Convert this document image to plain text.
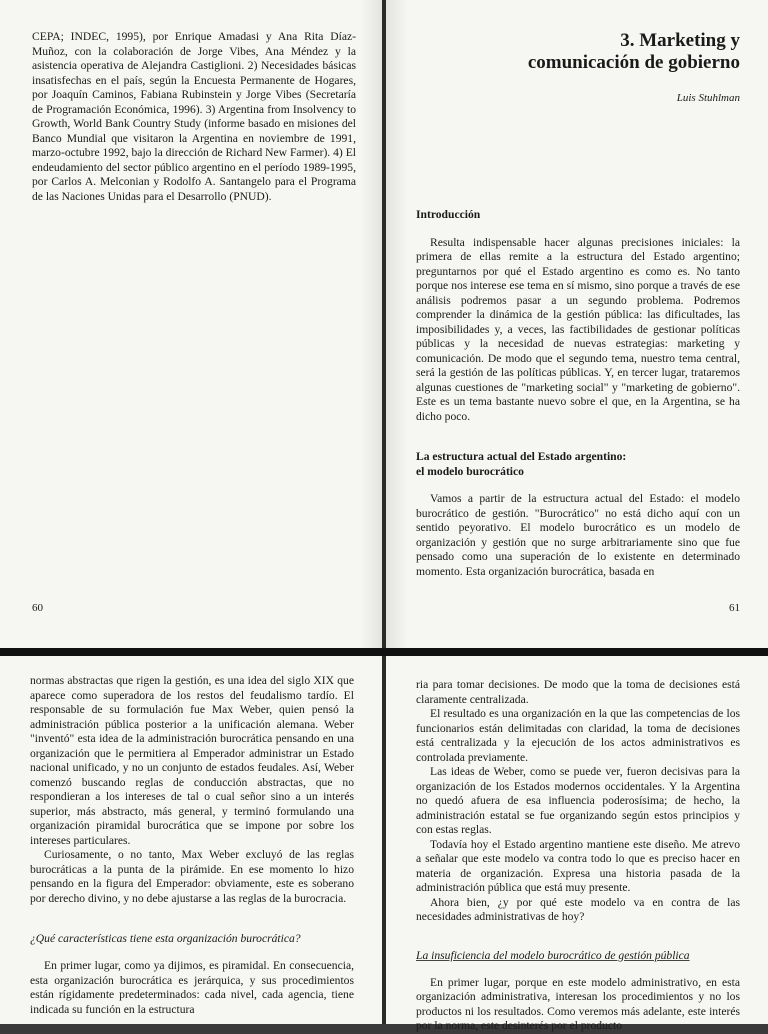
CEPA; INDEC, 1995), por Enrique Amadasi y Ana Rita Díaz-Muñoz, con la colaboración de Jorge Vibes, Ana Méndez y la asistencia operativa de Alejandra Castiglioni. 2) Necesidades básicas insatisfechas en el país, según la Encuesta Permanente de Hogares, por Joaquín Caminos, Fabiana Rubinstein y Jorge Vibes (Secretaría de Programación Económica, 1996). 3) Argentina from Insolvency to Growth, World Bank Country Study (informe basado en misiones del Banco Mundial que visitaron la Argentina en noviembre de 1991, marzo-octubre 1992, bajo la dirección de Richard New Farmer). 4) El endeudamiento del sector público argentino en el período 1989-1995, por Carlos A. Melconian y Rodolfo A. Santangelo para el Programa de las Naciones Unidas para el Desarrollo (PNUD).

60
3. Marketing y comunicación de gobierno

Luis Stuhlman

Introducción

Resulta indispensable hacer algunas precisiones iniciales: la primera de ellas remite a la estructura del Estado argentino; preguntarnos por qué el Estado argentino es como es. No tanto porque nos interese ese tema en sí mismo, sino porque a través de ese análisis podremos pasar a un segundo problema. Podremos comprender la dinámica de la gestión pública: las dificultades, las imposibilidades y, a veces, las factibilidades de gestionar políticas públicas y la necesidad de nuevas estrategias: marketing y comunicación. De modo que el segundo tema, nuestro tema central, será la gestión de las políticas públicas. Y, en tercer lugar, trataremos algunas cuestiones de "marketing social" y "marketing de gobierno". Este es un tema bastante nuevo sobre el que, en la Argentina, se ha dicho poco.

La estructura actual del Estado argentino:

el modelo burocrático

Vamos a partir de la estructura actual del Estado: el modelo burocrático de gestión. "Burocrático" no está dicho aquí con un sentido peyorativo. El modelo burocrático es un modelo de organización y gestión que no surge arbitrariamente sino que fue pensado como una superación de lo existente en determinado momento. Esta organización burocrática, basada en

61

normas abstractas que rigen la gestión, es una idea del siglo XIX que aparece como superadora de los restos del feudalismo tardío. El responsable de su formulación fue Max Weber, quien pensó la administración pública posterior a la unificación alemana. Weber "inventó" esta idea de la administración burocrática pensando en una organización que le permitiera al Emperador administrar un Estado nacional unificado, y no un conjunto de estados feudales. Así, Weber comenzó buscando reglas de conducción abstractas, que no respondieran a los intereses de tal o cual señor sino a un interés superior, más abstracto, más general, y terminó formulando una organización piramidal burocrática que se impone por sobre los intereses particulares.

Curiosamente, o no tanto, Max Weber excluyó de las reglas burocráticas a la punta de la pirámide. En ese momento lo hizo pensando en la figura del Emperador: obviamente, este es soberano por derecho divino, y no debe ajustarse a las reglas de la burocracia.

¿Qué características tiene esta organización burocrática?

En primer lugar, como ya dijimos, es piramidal. En consecuencia, esta organización burocrática es jerárquica, y sus procedimientos están rígidamente predeterminados: cada nivel, cada agencia, tiene indicada su función en la estructura

ria para tomar decisiones. De modo que la toma de decisiones está claramente centralizada.

El resultado es una organización en la que las competencias de los funcionarios están delimitadas con claridad, la toma de decisiones está centralizada y la ejecución de los actos administrativos es controlada previamente.

Las ideas de Weber, como se puede ver, fueron decisivas para la organización de los Estados modernos occidentales. Y la Argentina no quedó afuera de esa influencia poderosísima; de hecho, la administración estatal se fue organizando según estos principios y con estas reglas.

Todavía hoy el Estado argentino mantiene este diseño. Me atrevo a señalar que este modelo va contra todo lo que es preciso hacer en materia de organización. Expresa una historia pasada de la administración pública que está muy presente.

Ahora bien, ¿y por qué este modelo va en contra de las necesidades administrativas de hoy?

La insuficiencia del modelo burocrático de gestión pública

En primer lugar, porque en este modelo administrativo, en esta organización administrativa, interesan los procedimientos y no los productos ni los resultados. Como veremos más adelante, este interés por la norma, este desinterés por el producto
